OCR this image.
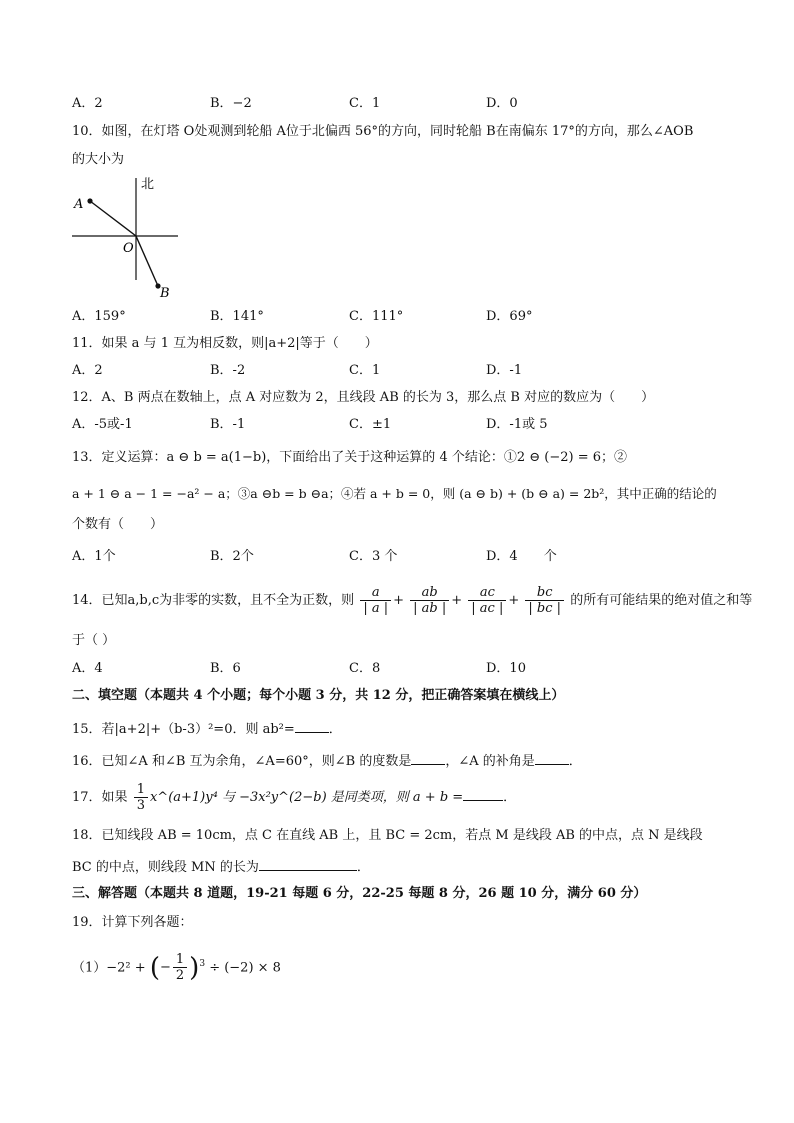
A．2	B．−2	C．1	D．0
10．如图，在灯塔 O处观测到轮船 A位于北偏西 56°的方向，同时轮船 B在南偏东 17°的方向，那么∠AOB
的大小为
北
A
O
B
A．159°	B．141°	C．111°	D．69°
11．如果 a 与 1 互为相反数，则|a+2|等于（　　）
A．2	B．-2	C．1	D．-1
12．A、B 两点在数轴上，点 A 对应数为 2，且线段 AB 的长为 3，那么点 B 对应的数应为（　　）
A．-5或-1	B．-1	C．±1	D．-1或 5
13．定义运算：a ⊖ b = a(1−b)，下面给出了关于这种运算的 4 个结论：①2 ⊖ (−2) = 6；②
a + 1 ⊖ a − 1 = −a² − a；③a ⊖b = b ⊖a；④若 a + b = 0，则 (a ⊖ b) + (b ⊖ a) = 2b²，其中正确的结论的
个数有（　　）
A．1个	B．2个	C．3 个	D．4　　个
14．已知a,b,c为非零的实数，且不全为正数，则 $\frac{a}{| a |} + \frac{ab}{| ab |} + \frac{ac}{| ac |} + \frac{bc}{| bc |}$ 的所有可能结果的绝对值之和等
于（ ）
A．4	B．6	C．8	D．10
二、填空题（本题共 4 个小题；每个小题 3 分，共 12 分，把正确答案填在横线上）
15．若|a+2|+（b-3）²=0．则 ab²=	．
16．已知∠A 和∠B 互为余角，∠A=60°，则∠B 的度数是	，∠A 的补角是	．
17．如果 $\frac{1}{3}$ x^(a+1)y⁴ 与 −3x²y^(2−b) 是同类项，则 a + b =	．
18．已知线段 AB = 10cm，点 C 在直线 AB 上，且 BC = 2cm，若点 M 是线段 AB 的中点，点 N 是线段
BC 的中点，则线段 MN 的长为	．
三、解答题（本题共 8 道题，19-21 每题 6 分，22-25 每题 8 分，26 题 10 分，满分 60 分）
19．计算下列各题：
（1）−2² + (− $\frac{1}{2} )^3 \div (-2) \times 8$
